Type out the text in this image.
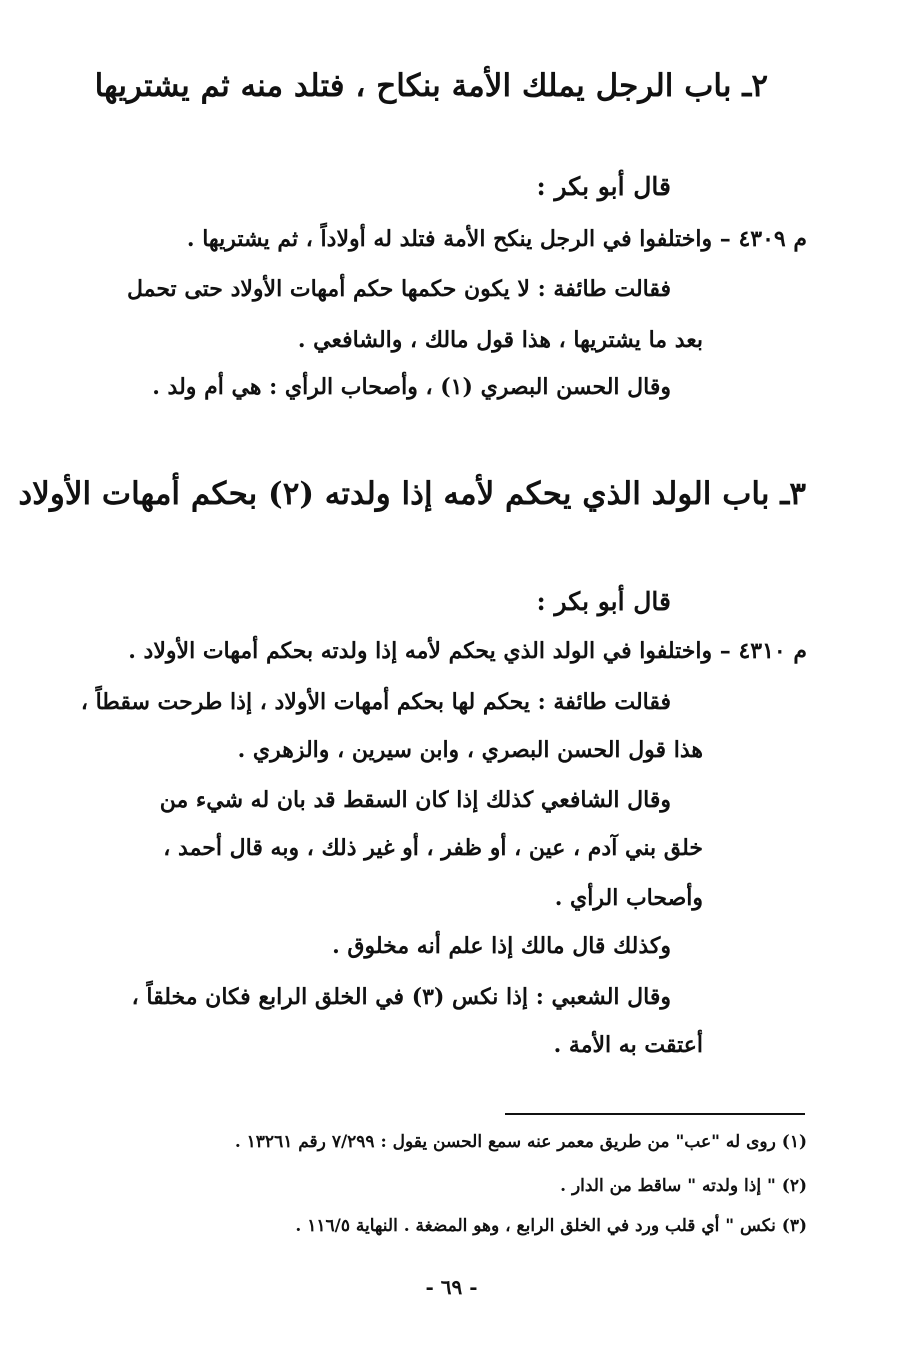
٢ـ باب الرجل يملك الأمة بنكاح ، فتلد منه ثم يشتريها

قال أبو بكر :

م ٤٣٠٩ – واختلفوا في الرجل ينكح الأمة فتلد له أولاداً ، ثم يشتريها .

فقالت طائفة : لا يكون حكمها حكم أمهات الأولاد حتى تحمل

بعد ما يشتريها ، هذا قول مالك ، والشافعي .

وقال الحسن البصري (١) ، وأصحاب الرأي : هي أم ولد .

٣ـ باب الولد الذي يحكم لأمه إذا ولدته (٢) بحكم أمهات الأولاد

قال أبو بكر :

م ٤٣١٠ – واختلفوا في الولد الذي يحكم لأمه إذا ولدته بحكم أمهات الأولاد .

فقالت طائفة : يحكم لها بحكم أمهات الأولاد ، إذا طرحت سقطاً ،

هذا قول الحسن البصري ، وابن سيرين ، والزهري .

وقال الشافعي كذلك إذا كان السقط قد بان له شيء من

خلق بني آدم ، عين ، أو ظفر ، أو غير ذلك ، وبه قال أحمد ،

وأصحاب الرأي .

وكذلك قال مالك إذا علم أنه مخلوق .

وقال الشعبي : إذا نكس (٣) في الخلق الرابع فكان مخلقاً ،

أعتقت به الأمة .

(١) روى له "عب" من طريق معمر عنه سمع الحسن يقول : ٧/٢٩٩ رقم ١٣٢٦١ .

(٢) " إذا ولدته " ساقط من الدار .

(٣) نكس " أي قلب ورد في الخلق الرابع ، وهو المضغة . النهاية ١١٦/٥ .

- ٦٩ -
